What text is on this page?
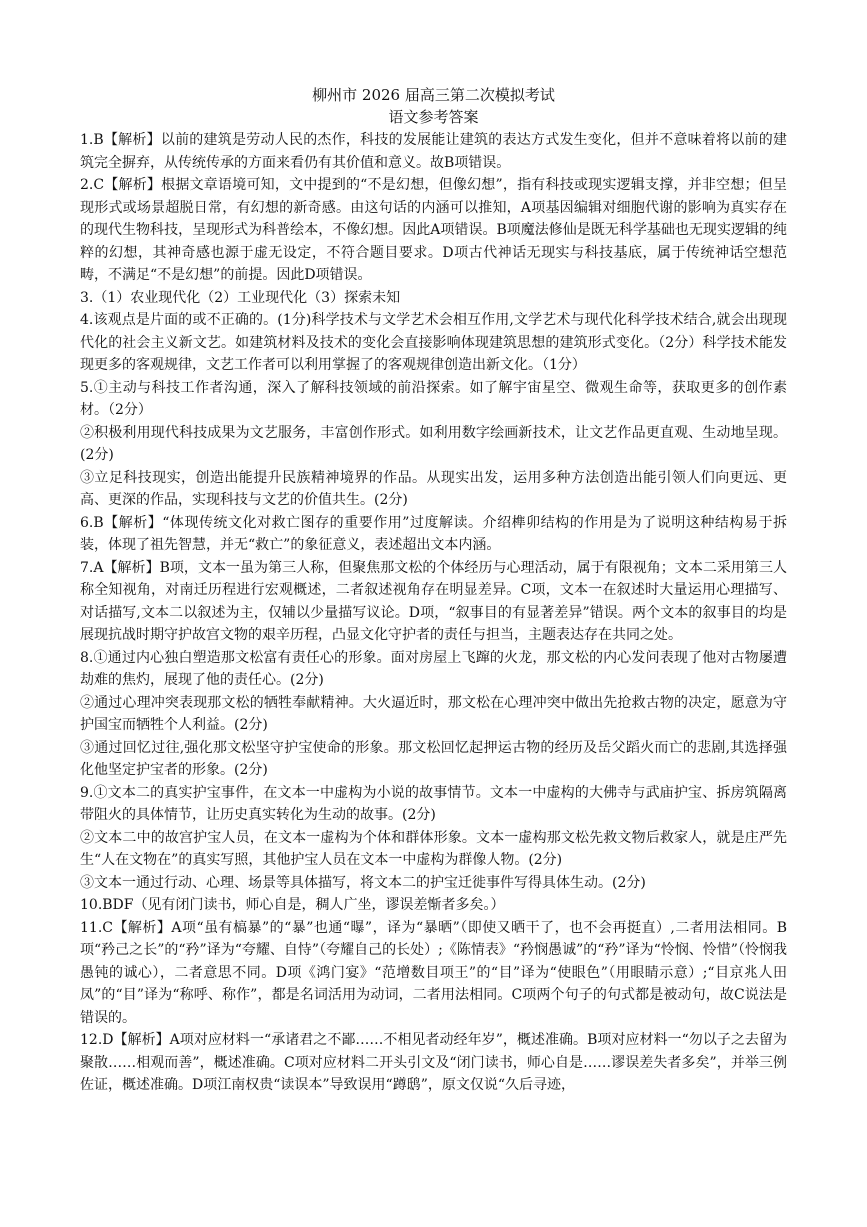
柳州市 2026 届高三第二次模拟考试

语文参考答案

1.B【解析】以前的建筑是劳动人民的杰作，科技的发展能让建筑的表达方式发生变化，但并不意味着将以前的建筑完全摒弃，从传统传承的方面来看仍有其价值和意义。故B项错误。

2.C【解析】根据文章语境可知，文中提到的“不是幻想，但像幻想”，指有科技或现实逻辑支撑，并非空想；但呈现形式或场景超脱日常，有幻想的新奇感。由这句话的内涵可以推知，A项基因编辑对细胞代谢的影响为真实存在的现代生物科技，呈现形式为科普绘本，不像幻想。因此A项错误。B项魔法修仙是既无科学基础也无现实逻辑的纯粹的幻想，其神奇感也源于虚无设定，不符合题目要求。D项古代神话无现实与科技基底，属于传统神话空想范畴，不满足“不是幻想”的前提。因此D项错误。

3.（1）农业现代化（2）工业现代化（3）探索未知

4.该观点是片面的或不正确的。(1分)科学技术与文学艺术会相互作用,文学艺术与现代化科学技术结合,就会出现现代化的社会主义新文艺。如建筑材料及技术的变化会直接影响体现建筑思想的建筑形式变化。（2分）科学技术能发现更多的客观规律，文艺工作者可以利用掌握了的客观规律创造出新文化。（1分）

5.①主动与科技工作者沟通，深入了解科技领域的前沿探索。如了解宇宙星空、微观生命等，获取更多的创作素材。（2分）

②积极利用现代科技成果为文艺服务，丰富创作形式。如利用数字绘画新技术，让文艺作品更直观、生动地呈现。(2分)

③立足科技现实，创造出能提升民族精神境界的作品。从现实出发，运用多种方法创造出能引领人们向更远、更高、更深的作品，实现科技与文艺的价值共生。(2分)

6.B【解析】“体现传统文化对救亡图存的重要作用”过度解读。介绍榫卯结构的作用是为了说明这种结构易于拆装，体现了祖先智慧，并无“救亡”的象征意义，表述超出文本内涵。

7.A【解析】B项，文本一虽为第三人称，但聚焦那文松的个体经历与心理活动，属于有限视角；文本二采用第三人称全知视角，对南迁历程进行宏观概述，二者叙述视角存在明显差异。C项，文本一在叙述时大量运用心理描写、对话描写,文本二以叙述为主，仅辅以少量描写议论。D项，“叙事目的有显著差异”错误。两个文本的叙事目的均是展现抗战时期守护故宫文物的艰辛历程，凸显文化守护者的责任与担当，主题表达存在共同之处。

8.①通过内心独白塑造那文松富有责任心的形象。面对房屋上飞蹿的火龙，那文松的内心发问表现了他对古物屡遭劫难的焦灼，展现了他的责任心。(2分)

②通过心理冲突表现那文松的牺牲奉献精神。大火逼近时，那文松在心理冲突中做出先抢救古物的决定，愿意为守护国宝而牺牲个人利益。(2分)

③通过回忆过往,强化那文松坚守护宝使命的形象。那文松回忆起押运古物的经历及岳父蹈火而亡的悲剧,其选择强化他坚定护宝者的形象。(2分)

9.①文本二的真实护宝事件，在文本一中虚构为小说的故事情节。文本一中虚构的大佛寺与武庙护宝、拆房筑隔离带阻火的具体情节，让历史真实转化为生动的故事。(2分)

②文本二中的故宫护宝人员，在文本一虚构为个体和群体形象。文本一虚构那文松先救文物后救家人，就是庄严先生“人在文物在”的真实写照，其他护宝人员在文本一中虚构为群像人物。(2分)

③文本一通过行动、心理、场景等具体描写，将文本二的护宝迁徙事件写得具体生动。(2分)

10.BDF（见有闭门读书，师心自是，稠人广坐，谬误差惭者多矣。）

11.C【解析】A项“虽有槁暴”的“暴”也通“曝”，译为“暴晒”（即使又晒干了，也不会再挺直）,二者用法相同。B项“矜己之长”的“矜”译为“夸耀、自恃”（夸耀自己的长处）;《陈情表》“矜悯愚诚”的“矜”译为“怜悯、怜惜”（怜悯我愚钝的诚心），二者意思不同。D项《鸿门宴》“范增数目项王”的“目”译为“使眼色”（用眼睛示意）;“目京兆人田凤”的“目”译为“称呼、称作”，都是名词活用为动词，二者用法相同。C项两个句子的句式都是被动句，故C说法是错误的。

12.D【解析】A项对应材料一“承诸君之不鄙……不相见者动经年岁”，概述准确。B项对应材料一“勿以子之去留为聚散……相观而善”，概述准确。C项对应材料二开头引文及“闭门读书，师心自是……谬误差失者多矣”，并举三例佐证，概述准确。D项江南权贵“读误本”导致误用“蹲鸱”，原文仅说“久后寻迹，
